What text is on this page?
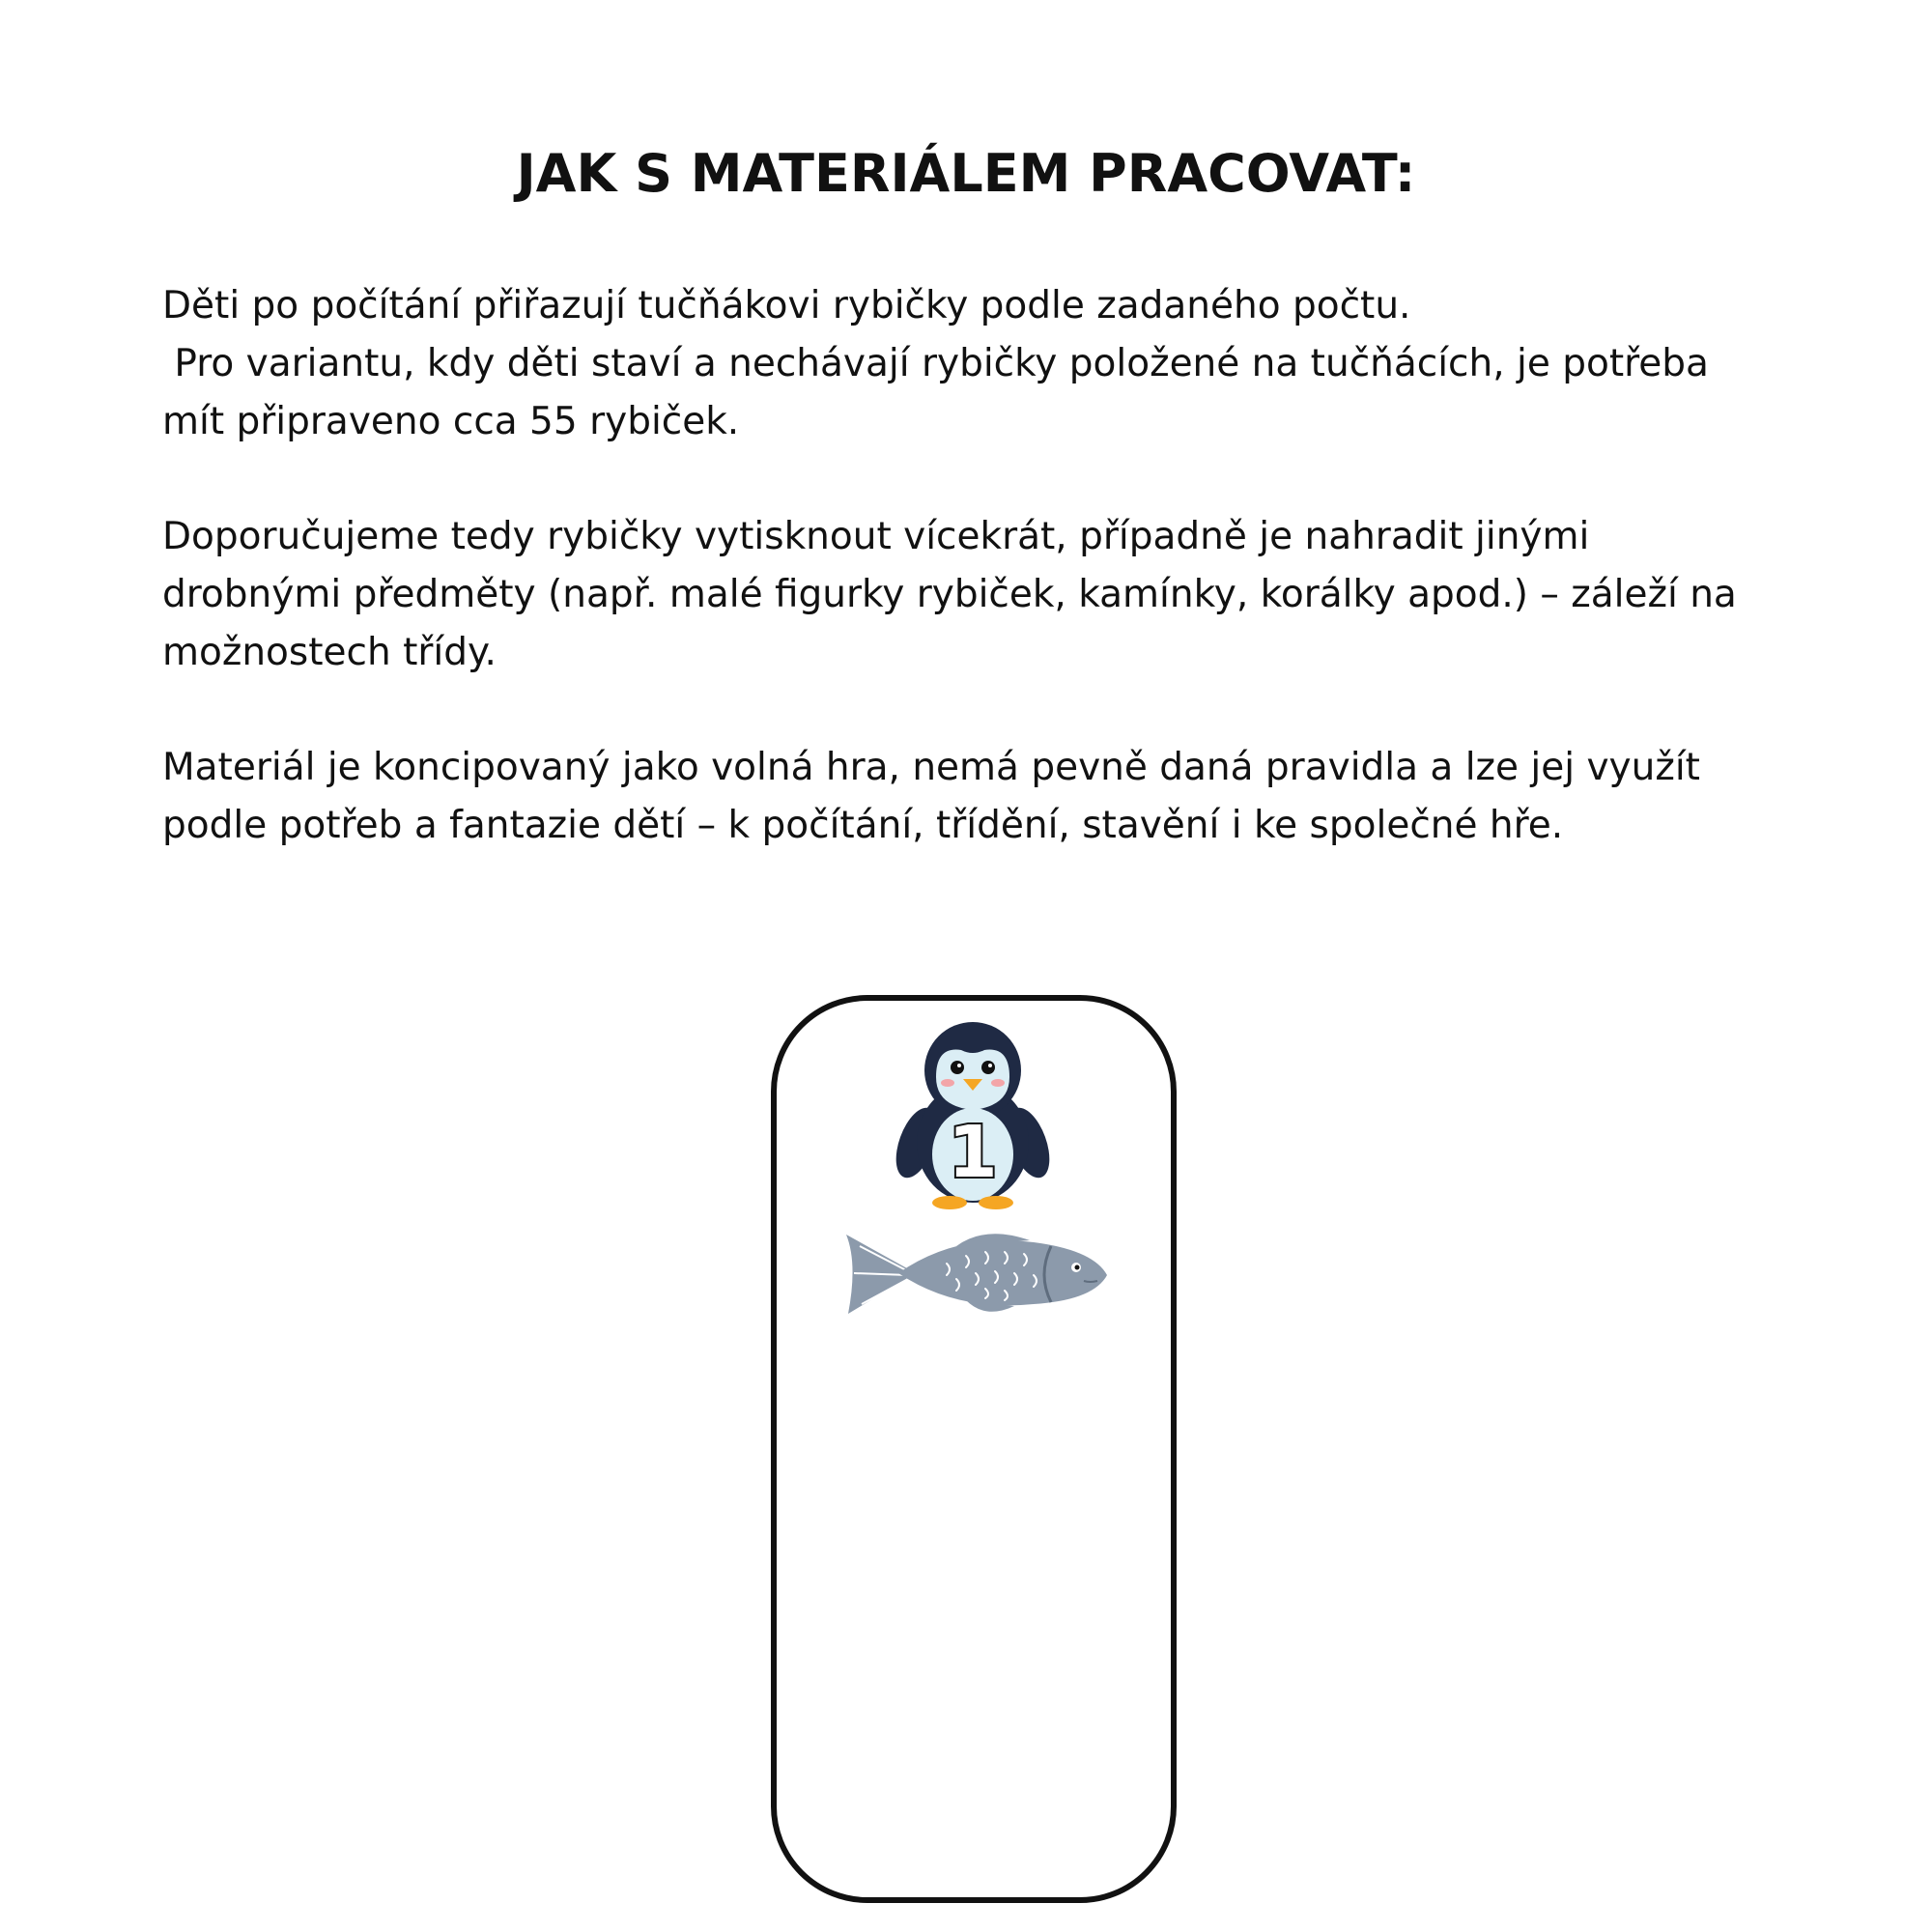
JAK S MATERIÁLEM PRACOVAT:

Děti po počítání přiřazují tučňákovi rybičky podle zadaného počtu.
Pro variantu, kdy děti staví a nechávají rybičky položené na tučňácích, je potřeba
mít připraveno cca 55 rybiček.

Doporučujeme tedy rybičky vytisknout vícekrát, případně je nahradit jinými
drobnými předměty (např. malé figurky rybiček, kamínky, korálky apod.) – záleží na
možnostech třídy.

Materiál je koncipovaný jako volná hra, nemá pevně daná pravidla a lze jej využít
podle potřeb a fantazie dětí – k počítání, třídění, stavění i ke společné hře.

1
